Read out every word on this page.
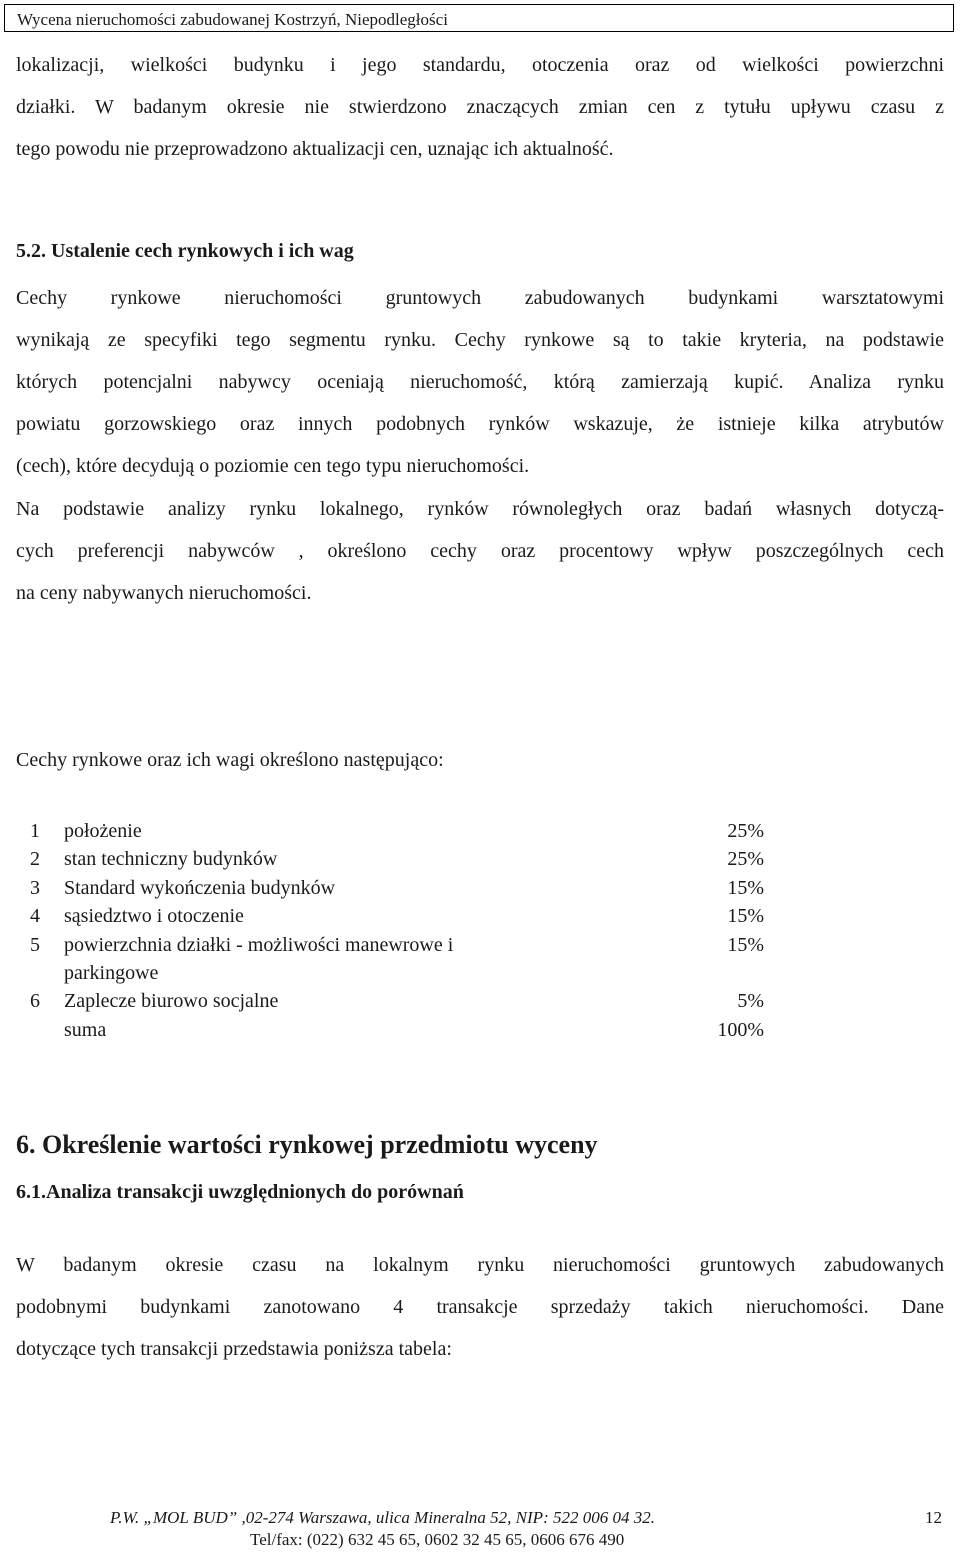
Wycena nieruchomości zabudowanej Kostrzyń, Niepodległości
lokalizacji, wielkości budynku i jego standardu, otoczenia oraz od wielkości powierzchni
działki. W badanym okresie nie stwierdzono znaczących zmian cen z tytułu upływu czasu z
tego powodu nie przeprowadzono aktualizacji cen, uznając ich aktualność.
5.2. Ustalenie cech rynkowych i ich wag
Cechy rynkowe nieruchomości gruntowych zabudowanych budynkami warsztatowymi
wynikają ze specyfiki tego segmentu rynku. Cechy rynkowe są to takie kryteria, na podstawie
których potencjalni nabywcy oceniają nieruchomość, którą zamierzają kupić. Analiza rynku
powiatu gorzowskiego oraz innych podobnych rynków wskazuje, że istnieje kilka atrybutów
(cech), które decydują o poziomie cen tego typu nieruchomości.
Na podstawie analizy rynku lokalnego, rynków równoległych oraz badań własnych dotyczą-
cych preferencji nabywców , określono cechy oraz procentowy wpływ poszczególnych cech
na ceny nabywanych nieruchomości.
Cechy rynkowe oraz ich wagi określono następująco:
1 położenie	25%
2 stan techniczny budynków	25%
3 Standard wykończenia budynków	15%
4 sąsiedztwo i otoczenie	15%
5 powierzchnia działki - możliwości manewrowe i	15%
parkingowe
6 Zaplecze biurowo socjalne	5%
suma	100%
6. Określenie wartości rynkowej przedmiotu wyceny
6.1.Analiza transakcji uwzględnionych do porównań
W badanym okresie czasu na lokalnym rynku nieruchomości gruntowych zabudowanych
podobnymi budynkami zanotowano 4 transakcje sprzedaży takich nieruchomości. Dane
dotyczące tych transakcji przedstawia poniższa tabela:
P.W. „MOL BUD” ,02-274 Warszawa, ulica Mineralna 52, NIP: 522 006 04 32.
Tel/fax: (022) 632 45 65, 0602 32 45 65, 0606 676 490
12
